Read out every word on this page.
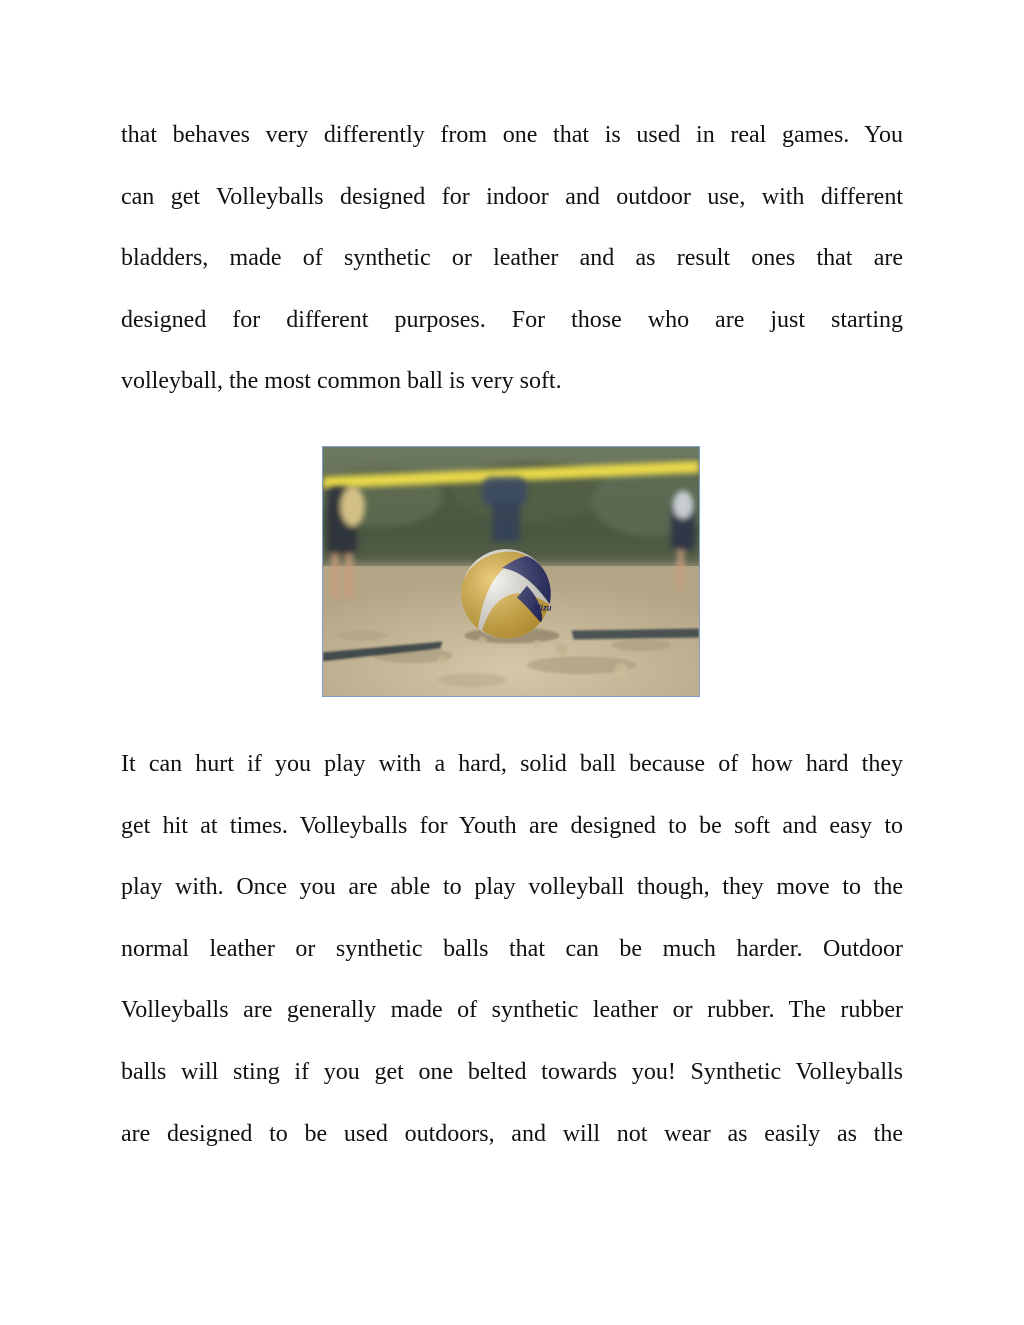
that behaves very differently from one that is used in real games. You
can get Volleyballs designed for indoor and outdoor use, with different
bladders, made of synthetic or leather and as result ones that are
designed for different purposes. For those who are just starting
volleyball, the most common ball is very soft.
Mizu
It can hurt if you play with a hard, solid ball because of how hard they
get hit at times. Volleyballs for Youth are designed to be soft and easy to
play with. Once you are able to play volleyball though, they move to the
normal leather or synthetic balls that can be much harder. Outdoor
Volleyballs are generally made of synthetic leather or rubber. The rubber
balls will sting if you get one belted towards you! Synthetic Volleyballs
are designed to be used outdoors, and will not wear as easily as the
